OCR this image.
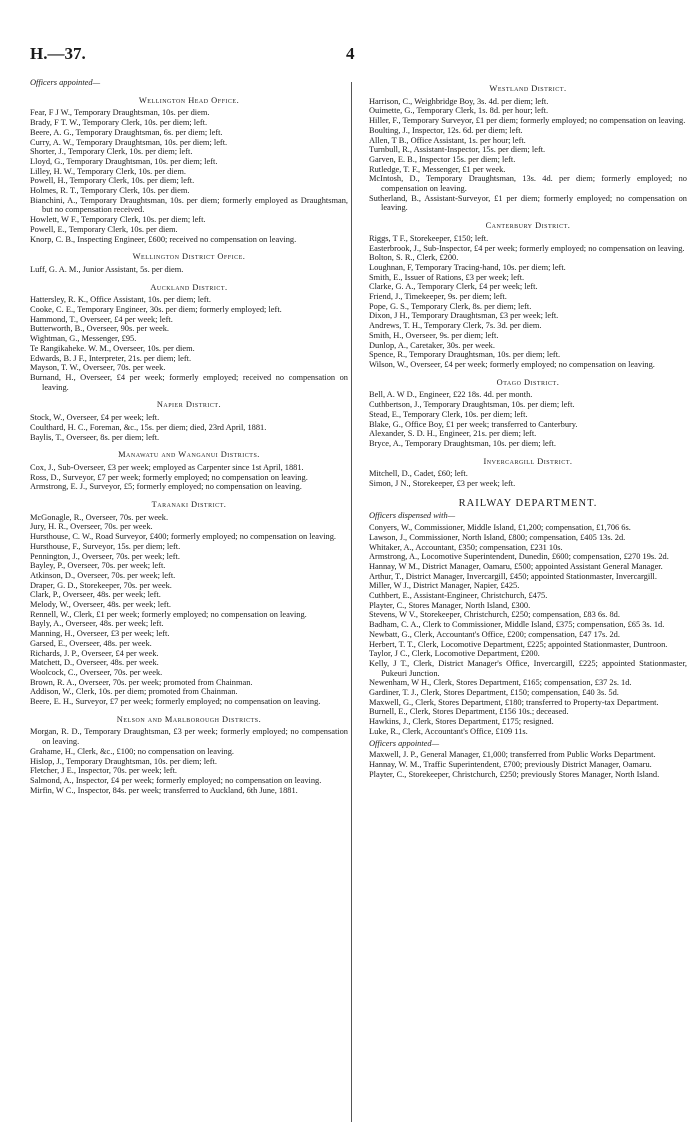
H.—37.	4
Officers appointed—
Wellington Head Office.

Fear, F J W., Temporary Draughtsman, 10s. per diem.

Brady, F T. W., Temporary Clerk, 10s. per diem; left.

Beere, A. G., Temporary Draughtsman, 6s. per diem; left.

Curry, A. W., Temporary Draughtsman, 10s. per diem; left.

Shorter, J., Temporary Clerk, 10s. per diem; left.

Lloyd, G., Temporary Draughtsman, 10s. per diem; left.

Lilley, H. W., Temporary Clerk, 10s. per diem.

Powell, H., Temporary Clerk, 10s. per diem; left.

Holmes, R. T., Temporary Clerk, 10s. per diem.

Bianchini, A., Temporary Draughtsman, 10s. per diem; formerly employed as Draughtsman, but no compensation received.

Howlett, W F., Temporary Clerk, 10s. per diem; left.

Powell, E., Temporary Clerk, 10s. per diem.

Knorp, C. B., Inspecting Engineer, £600; received no compensation on leaving.

Wellington District Office.

Luff, G. A. M., Junior Assistant, 5s. per diem.

Auckland District.

Hattersley, R. K., Office Assistant, 10s. per diem; left.

Cooke, C. E., Temporary Engineer, 30s. per diem; formerly employed; left.

Hammond, T., Overseer, £4 per week; left.

Butterworth, B., Overseer, 90s. per week.

Wightman, G., Messenger, £95.

Te Rangikaheke. W. M., Overseer, 10s. per diem.

Edwards, B. J F., Interpreter, 21s. per diem; left.

Mayson, T. W., Overseer, 70s. per week.

Burnand, H., Overseer, £4 per week; formerly employed; received no compensation on leaving.

Napier District.

Stock, W., Overseer, £4 per week; left.

Coulthard, H. C., Foreman, &c., 15s. per diem; died, 23rd April, 1881.

Baylis, T., Overseer, 8s. per diem; left.

Manawatu and Wanganui Districts.

Cox, J., Sub-Overseer, £3 per week; employed as Carpenter since 1st April, 1881.

Ross, D., Surveyor, £7 per week; formerly employed; no compensation on leaving.

Armstrong, E. J., Surveyor, £5; formerly employed; no compensation on leaving.

Taranaki District.

McGonagle, R., Overseer, 70s. per week.

Jury, H. R., Overseer, 70s. per week.

Hursthouse, C. W., Road Surveyor, £400; formerly employed; no compensation on leaving.

Hursthouse, F., Surveyor, 15s. per diem; left.

Pennington, J., Overseer, 70s. per week; left.

Bayley, P., Overseer, 70s. per week; left.

Atkinson, D., Overseer, 70s. per week; left.

Draper, G. D., Storekeeper, 70s. per week.

Clark, P., Overseer, 48s. per week; left.

Melody, W., Overseer, 48s. per week; left.

Rennell, W., Clerk, £1 per week; formerly employed; no compensation on leaving.

Bayly, A., Overseer, 48s. per week; left.

Manning, H., Overseer, £3 per week; left.

Garsed, E., Overseer, 48s. per week.

Richards, J. P., Overseer, £4 per week.

Matchett, D., Overseer, 48s. per week.

Woolcock, C., Overseer, 70s. per week.

Brown, R. A., Overseer, 70s. per week; promoted from Chainman.

Addison, W., Clerk, 10s. per diem; promoted from Chainman.

Beere, E. H., Surveyor, £7 per week; formerly employed; no compensation on leaving.

Nelson and Marlborough Districts.

Morgan, R. D., Temporary Draughtsman, £3 per week; formerly employed; no compensation on leaving.

Grahame, H., Clerk, &c., £100; no compensation on leaving.

Hislop, J., Temporary Draughtsman, 10s. per diem; left.

Fletcher, J E., Inspector, 70s. per week; left.

Salmond, A., Inspector, £4 per week; formerly employed; no compensation on leaving.

Mirfin, W C., Inspector, 84s. per week; transferred to Auckland, 6th June, 1881.

Westland District.

Harrison, C., Weighbridge Boy, 3s. 4d. per diem; left.

Ouimette, G., Temporary Clerk, 1s. 8d. per hour; left.

Hiller, F., Temporary Surveyor, £1 per diem; formerly employed; no compensation on leaving.

Boulting, J., Inspector, 12s. 6d. per diem; left.

Allen, T B., Office Assistant, 1s. per hour; left.

Turnbull, R., Assistant-Inspector, 15s. per diem; left.

Garven, E. B., Inspector 15s. per diem; left.

Rutledge, T. F., Messenger, £1 per week.

McIntosh, D., Temporary Draughtsman, 13s. 4d. per diem; formerly employed; no compensation on leaving.

Sutherland, B., Assistant-Surveyor, £1 per diem; formerly employed; no compensation on leaving.

Canterbury District.

Riggs, T F., Storekeeper, £150; left.

Easterbrook, J., Sub-Inspector, £4 per week; formerly employed; no compensation on leaving.

Bolton, S. R., Clerk, £200.

Loughnan, F, Temporary Tracing-hand, 10s. per diem; left.

Smith, E., Issuer of Rations, £3 per week; left.

Clarke, G. A., Temporary Clerk, £4 per week; left.

Friend, J., Timekeeper, 9s. per diem; left.

Pope, G. S., Temporary Clerk, 8s. per diem; left.

Dixon, J H., Temporary Draughtsman, £3 per week; left.

Andrews, T. H., Temporary Clerk, 7s. 3d. per diem.

Smith, H., Overseer, 9s. per diem; left.

Dunlop, A., Caretaker, 30s. per week.

Spence, R., Temporary Draughtsman, 10s. per diem; left.

Wilson, W., Overseer, £4 per week; formerly employed; no compensation on leaving.

Otago District.

Bell, A. W D., Engineer, £22 18s. 4d. per month.

Cuthbertson, J., Temporary Draughtsman, 10s. per diem; left.

Stead, E., Temporary Clerk, 10s. per diem; left.

Blake, G., Office Boy, £1 per week; transferred to Canterbury.

Alexander, S. D. H., Engineer, 21s. per diem; left.

Bryce, A., Temporary Draughtsman, 10s. per diem; left.

Invercargill District.

Mitchell, D., Cadet, £60; left.

Simon, J N., Storekeeper, £3 per week; left.

RAILWAY DEPARTMENT.
Officers dispensed with—

Conyers, W., Commissioner, Middle Island, £1,200; compensation, £1,706 6s.

Lawson, J., Commissioner, North Island, £800; compensation, £405 13s. 2d.

Whitaker, A., Accountant, £350; compensation, £231 10s.

Armstrong, A., Locomotive Superintendent, Dunedin, £600; compensation, £270 19s. 2d.

Hannay, W M., District Manager, Oamaru, £500; appointed Assistant General Manager.

Arthur, T., District Manager, Invercargill, £450; appointed Stationmaster, Invercargill.

Miller, W J., District Manager, Napier, £425.

Cuthbert, E., Assistant-Engineer, Christchurch, £475.

Playter, C., Stores Manager, North Island, £300.

Stevens, W V., Storekeeper, Christchurch, £250; compensation, £83 6s. 8d.

Badham, C. A., Clerk to Commissioner, Middle Island, £375; compensation, £65 3s. 1d.

Newbatt, G., Clerk, Accountant's Office, £200; compensation, £47 17s. 2d.

Herbert, T. T., Clerk, Locomotive Department, £225; appointed Stationmaster, Duntroon.

Taylor, J C., Clerk, Locomotive Department, £200.

Kelly, J T., Clerk, District Manager's Office, Invercargill, £225; appointed Stationmaster, Pukeuri Junction.

Newenham, W H., Clerk, Stores Department, £165; compensation, £37 2s. 1d.

Gardiner, T. J., Clerk, Stores Department, £150; compensation, £40 3s. 5d.

Maxwell, G., Clerk, Stores Department, £180; transferred to Property-tax Department.

Burnell, E., Clerk, Stores Department, £156 10s.; deceased.

Hawkins, J., Clerk, Stores Department, £175; resigned.

Luke, R., Clerk, Accountant's Office, £109 11s.

Officers appointed—

Maxwell, J. P., General Manager, £1,000; transferred from Public Works Department.

Hannay, W. M., Traffic Superintendent, £700; previously District Manager, Oamaru.

Playter, C., Storekeeper, Christchurch, £250; previously Stores Manager, North Island.
